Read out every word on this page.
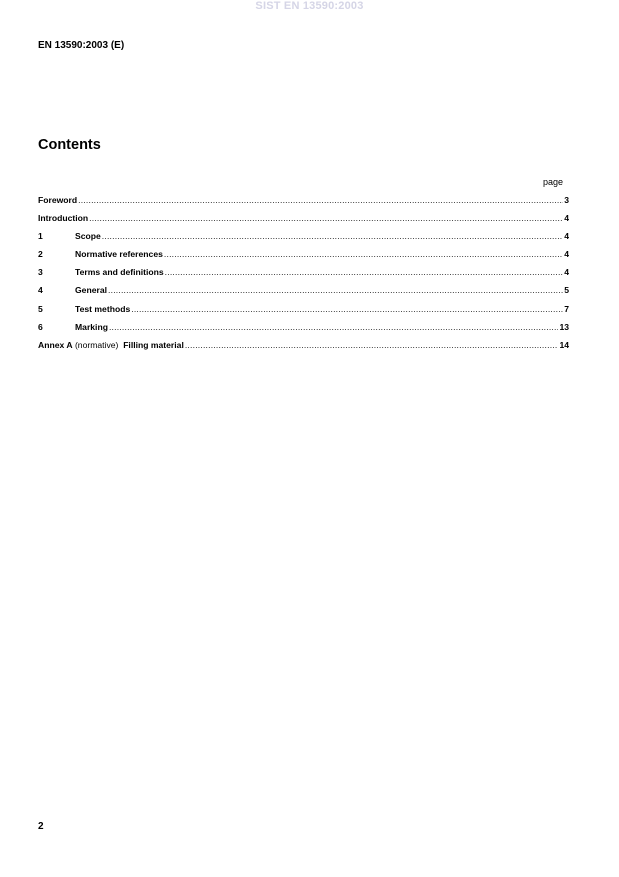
SIST EN 13590:2003
EN 13590:2003 (E)
Contents
page
Foreword .....	3
Introduction .....	4
1	Scope .....	4
2	Normative references .....	4
3	Terms and definitions .....	4
4	General .....	5
5	Test methods .....	7
6	Marking .....	13
Annex A (normative) Filling material .....	14
2
